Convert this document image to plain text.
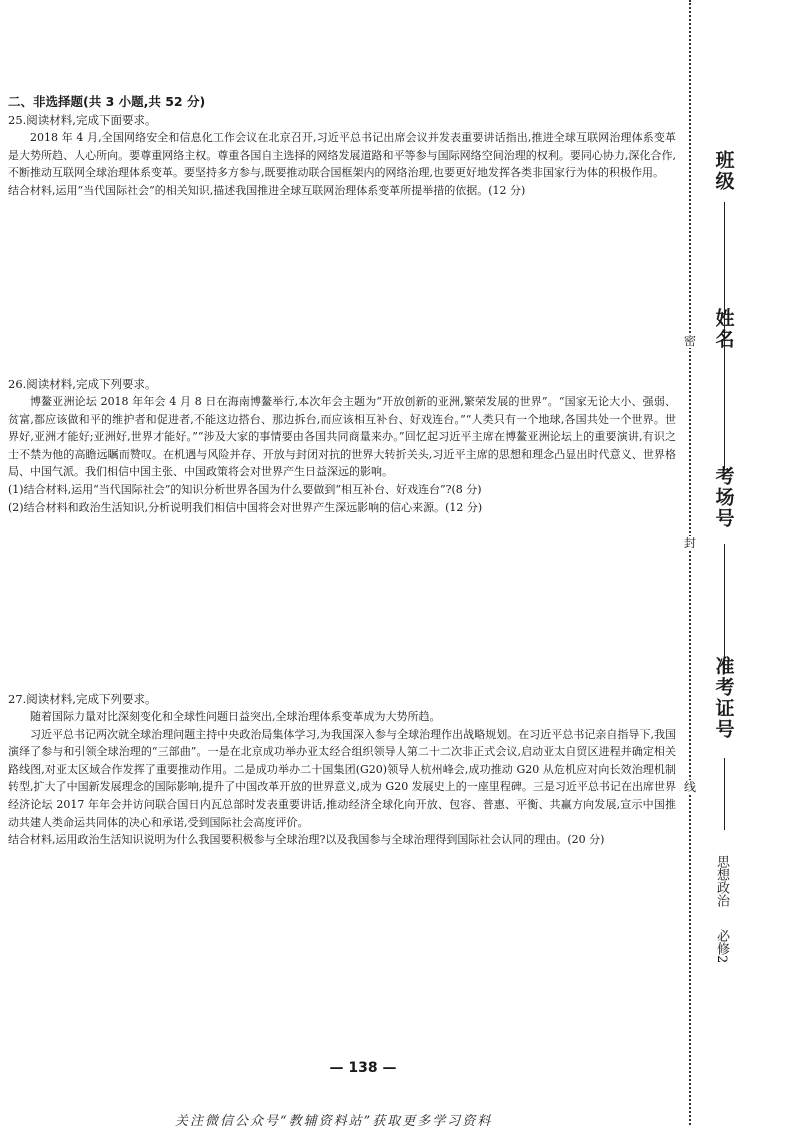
二、非选择题(共 3 小题,共 52 分)

25.阅读材料,完成下面要求。

2018 年 4 月,全国网络安全和信息化工作会议在北京召开,习近平总书记出席会议并发表重要讲话指出,推进全球互联网治理体系变革是大势所趋、人心所向。要尊重网络主权。尊重各国自主选择的网络发展道路和平等参与国际网络空间治理的权利。要同心协力,深化合作,不断推动互联网全球治理体系变革。要坚持多方参与,既要推动联合国框架内的网络治理,也要更好地发挥各类非国家行为体的积极作用。

结合材料,运用“当代国际社会”的相关知识,描述我国推进全球互联网治理体系变革所提举措的依据。(12 分)

26.阅读材料,完成下列要求。

博鳌亚洲论坛 2018 年年会 4 月 8 日在海南博鳌举行,本次年会主题为“开放创新的亚洲,繁荣发展的世界”。“国家无论大小、强弱、贫富,都应该做和平的维护者和促进者,不能这边搭台、那边拆台,而应该相互补台、好戏连台。”“人类只有一个地球,各国共处一个世界。世界好,亚洲才能好;亚洲好,世界才能好。”“涉及大家的事情要由各国共同商量来办。”回忆起习近平主席在博鳌亚洲论坛上的重要演讲,有识之士不禁为他的高瞻远瞩而赞叹。在机遇与风险并存、开放与封闭对抗的世界大转折关头,习近平主席的思想和理念凸显出时代意义、世界格局、中国气派。我们相信中国主张、中国政策将会对世界产生日益深远的影响。

(1)结合材料,运用“当代国际社会”的知识分析世界各国为什么要做到“相互补台、好戏连台”?(8 分)

(2)结合材料和政治生活知识,分析说明我们相信中国将会对世界产生深远影响的信心来源。(12 分)

27.阅读材料,完成下列要求。

随着国际力量对比深刻变化和全球性问题日益突出,全球治理体系变革成为大势所趋。

习近平总书记两次就全球治理问题主持中央政治局集体学习,为我国深入参与全球治理作出战略规划。在习近平总书记亲自指导下,我国演绎了参与和引领全球治理的“三部曲”。一是在北京成功举办亚太经合组织领导人第二十二次非正式会议,启动亚太自贸区进程并确定相关路线图,对亚太区域合作发挥了重要推动作用。二是成功举办二十国集团(G20)领导人杭州峰会,成功推动 G20 从危机应对向长效治理机制转型,扩大了中国新发展理念的国际影响,提升了中国改革开放的世界意义,成为 G20 发展史上的一座里程碑。三是习近平总书记在出席世界经济论坛 2017 年年会并访问联合国日内瓦总部时发表重要讲话,推动经济全球化向开放、包容、普惠、平衡、共赢方向发展,宣示中国推动共建人类命运共同体的决心和承诺,受到国际社会高度评价。

结合材料,运用政治生活知识说明为什么我国要积极参与全球治理?以及我国参与全球治理得到国际社会认同的理由。(20 分)

— 138 —
关注微信公众号“教辅资料站”获取更多学习资料
密
封
线
班级
姓名
考场号
准考证号
思想政治  必修2
